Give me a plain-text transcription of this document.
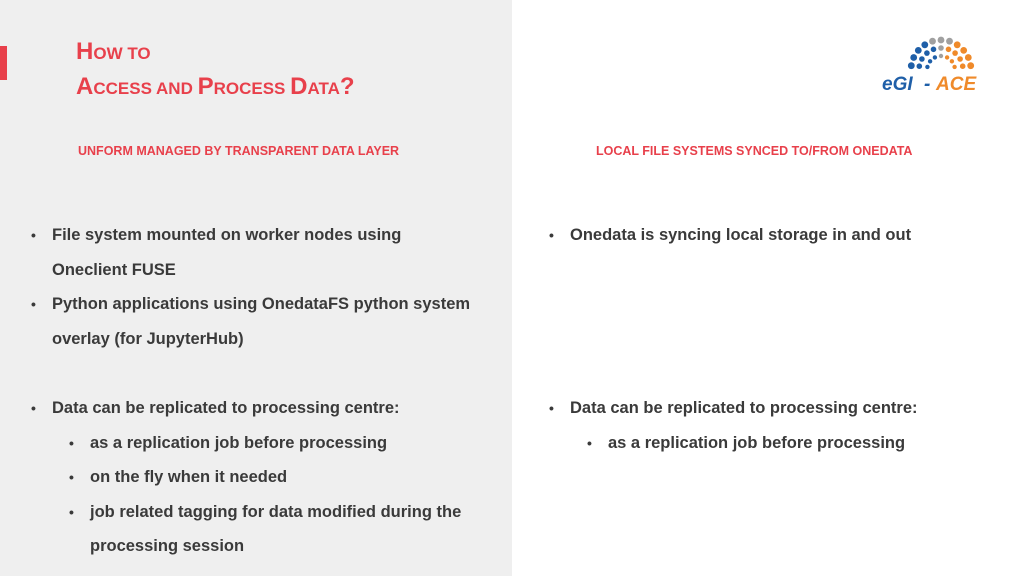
HOW TO
ACCESS AND PROCESS DATA?
UNFORM MANAGED BY TRANSPARENT DATA LAYER	LOCAL FILE SYSTEMS SYNCED TO/FROM ONEDATA
• File system mounted on worker nodes using
Oneclient FUSE
• Python applications using OnedataFS python system
overlay (for JupyterHub)

• Data can be replicated to processing centre:
• as a replication job before processing
• on the fly when it needed
• job related tagging for data modified during the
processing session
• Onedata is syncing local storage in and out

• Data can be replicated to processing centre:
• as a replication job before processing
eGI - ACE
